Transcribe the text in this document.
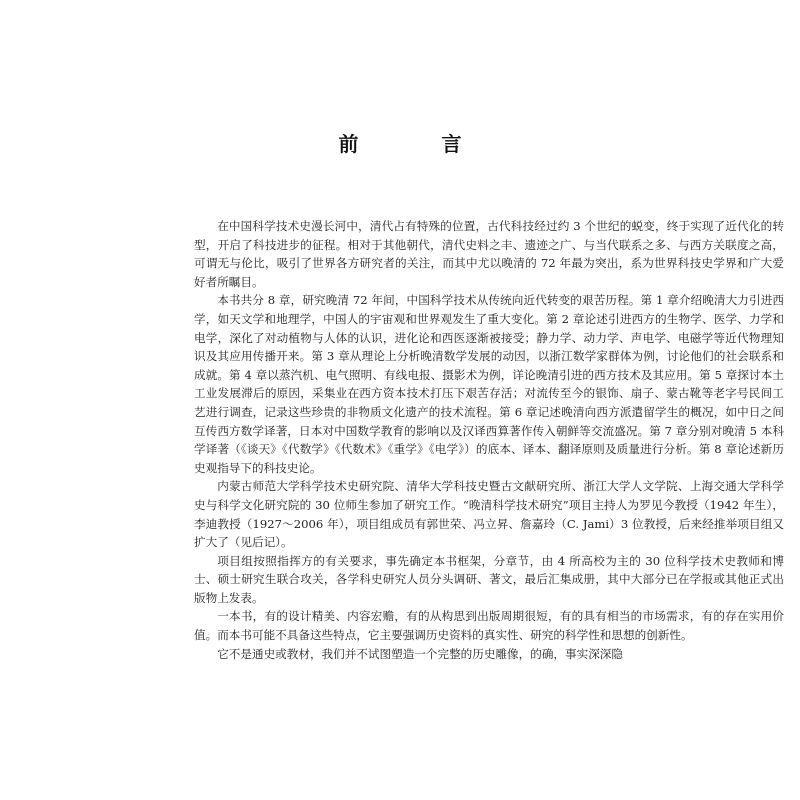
前 言

在中国科学技术史漫长河中，清代占有特殊的位置，古代科技经过约 3 个世纪的蜕变，终于实现了近代化的转型，开启了科技进步的征程。相对于其他朝代，清代史料之丰、遗迹之广、与当代联系之多、与西方关联度之高，可谓无与伦比，吸引了世界各方研究者的关注，而其中尤以晚清的 72 年最为突出，系为世界科技史学界和广大爱好者所瞩目。

本书共分 8 章，研究晚清 72 年间，中国科学技术从传统向近代转变的艰苦历程。第 1 章介绍晚清大力引进西学，如天文学和地理学，中国人的宇宙观和世界观发生了重大变化。第 2 章论述引进西方的生物学、医学、力学和电学，深化了对动植物与人体的认识，进化论和西医逐渐被接受；静力学、动力学、声电学、电磁学等近代物理知识及其应用传播开来。第 3 章从理论上分析晚清数学发展的动因，以浙江数学家群体为例，讨论他们的社会联系和成就。第 4 章以蒸汽机、电气照明、有线电报、摄影术为例，详论晚清引进的西方技术及其应用。第 5 章探讨本土工业发展滞后的原因，采集业在西方资本技术打压下艰苦存活；对流传至今的银饰、扇子、蒙古靴等老字号民间工艺进行调查，记录这些珍贵的非物质文化遗产的技术流程。第 6 章记述晚清向西方派遣留学生的概况，如中日之间互传西方数学译著，日本对中国数学教育的影响以及汉译西算著作传入朝鲜等交流盛况。第 7 章分别对晚清 5 本科学译著（《谈天》《代数学》《代数术》《重学》《电学》）的底本、译本、翻译原则及质量进行分析。第 8 章论述新历史观指导下的科技史论。

内蒙古师范大学科学技术史研究院、清华大学科技史暨古文献研究所、浙江大学人文学院、上海交通大学科学史与科学文化研究院的 30 位师生参加了研究工作。“晚清科学技术研究”项目主持人为罗见今教授（1942 年生），李迪教授（1927～2006 年），项目组成员有郭世荣、冯立昇、詹嘉玲（C. Jami）3 位教授，后来经推举项目组又扩大了（见后记）。

项目组按照指挥方的有关要求，事先确定本书框架，分章节，由 4 所高校为主的 30 位科学技术史教师和博士、硕士研究生联合攻关，各学科史研究人员分头调研、著文，最后汇集成册，其中大部分已在学报或其他正式出版物上发表。

一本书，有的设计精美、内容宏赡，有的从构思到出版周期很短，有的具有相当的市场需求，有的存在实用价值。而本书可能不具备这些特点，它主要强调历史资料的真实性、研究的科学性和思想的创新性。

它不是通史或教材，我们并不试图塑造一个完整的历史雕像，的确，事实深深隐
